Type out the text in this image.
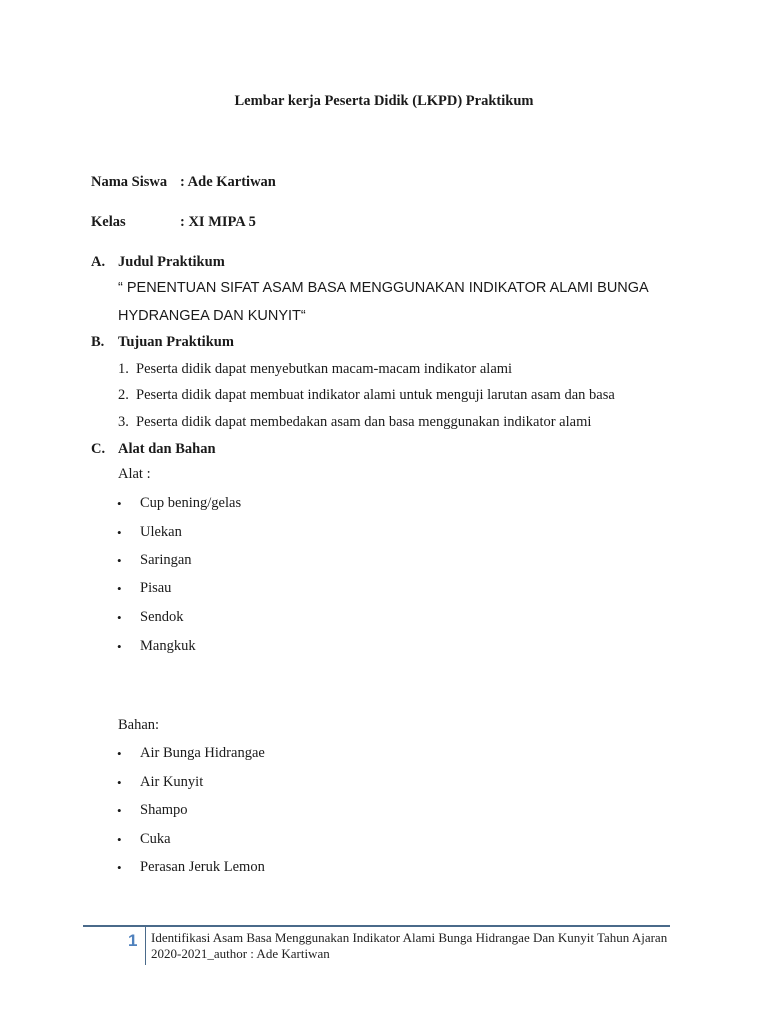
Lembar kerja Peserta Didik (LKPD) Praktikum
Nama Siswa : Ade Kartiwan
Kelas	: XI MIPA 5
A. Judul Praktikum
“ PENENTUAN SIFAT ASAM BASA MENGGUNAKAN INDIKATOR ALAMI BUNGA
HYDRANGEA DAN KUNYIT“
B. Tujuan Praktikum
1. Peserta didik dapat menyebutkan macam-macam indikator alami
2. Peserta didik dapat membuat indikator alami untuk menguji larutan asam dan basa
3. Peserta didik dapat membedakan asam dan basa menggunakan indikator alami
C. Alat dan Bahan
Alat :
• Cup bening/gelas
• Ulekan
• Saringan
• Pisau
• Sendok
• Mangkuk
Bahan:
• Air Bunga Hidrangae
• Air Kunyit
• Shampo
• Cuka
• Perasan Jeruk Lemon
1 Identifikasi Asam Basa Menggunakan Indikator Alami Bunga Hidrangae Dan Kunyit Tahun Ajaran 2020-2021_author : Ade Kartiwan
